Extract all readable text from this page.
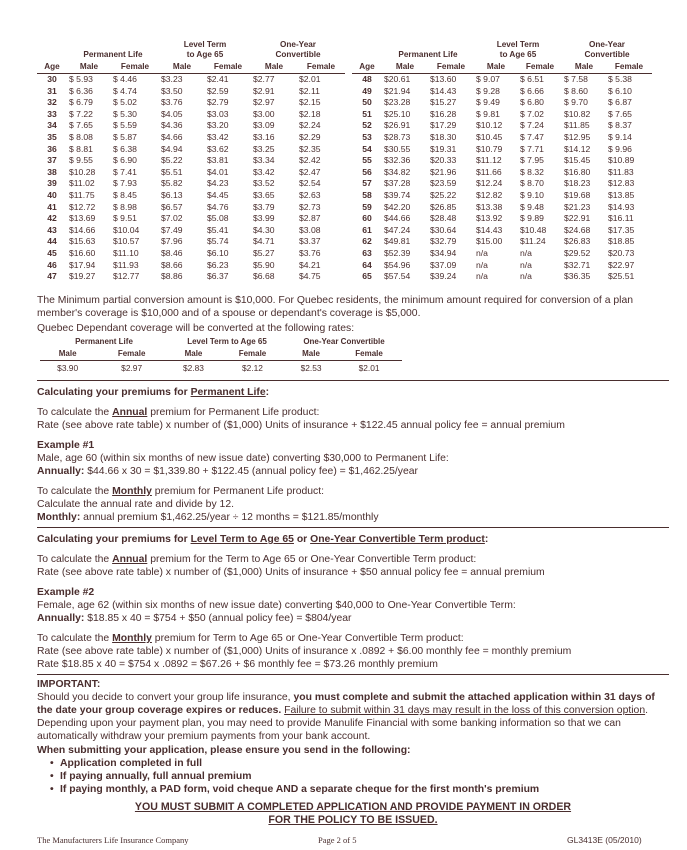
	Permanent Life		Level Term
to Age 65		One-Year
Convertible	
Age	Male	Female	Male	Female	Male	Female
30	$ 5.93	$ 4.46	$3.23	$2.41	$2.77	$2.01
31	$ 6.36	$ 4.74	$3.50	$2.59	$2.91	$2.11
32	$ 6.79	$ 5.02	$3.76	$2.79	$2.97	$2.15
33	$ 7.22	$ 5.30	$4.05	$3.03	$3.00	$2.18
34	$ 7.65	$ 5.59	$4.36	$3.20	$3.09	$2.24
35	$ 8.08	$ 5.87	$4.66	$3.42	$3.16	$2.29
36	$ 8.81	$ 6.38	$4.94	$3.62	$3.25	$2.35
37	$ 9.55	$ 6.90	$5.22	$3.81	$3.34	$2.42
38	$10.28	$ 7.41	$5.51	$4.01	$3.42	$2.47
39	$11.02	$ 7.93	$5.82	$4.23	$3.52	$2.54
40	$11.75	$ 8.45	$6.13	$4.45	$3.65	$2.63
41	$12.72	$ 8.98	$6.57	$4.76	$3.79	$2.73
42	$13.69	$ 9.51	$7.02	$5.08	$3.99	$2.87
43	$14.66	$10.04	$7.49	$5.41	$4.30	$3.08
44	$15.63	$10.57	$7.96	$5.74	$4.71	$3.37
45	$16.60	$11.10	$8.46	$6.10	$5.27	$3.76
46	$17.94	$11.93	$8.66	$6.23	$5.90	$4.21
47	$19.27	$12.77	$8.86	$6.37	$6.68	$4.75
	Permanent Life		Level Term
to Age 65		One-Year
Convertible	
Age	Male	Female	Male	Female	Male	Female
48	$20.61	$13.60	$ 9.07	$ 6.51	$ 7.58	$ 5.38
49	$21.94	$14.43	$ 9.28	$ 6.66	$ 8.60	$ 6.10
50	$23.28	$15.27	$ 9.49	$ 6.80	$ 9.70	$ 6.87
51	$25.10	$16.28	$ 9.81	$ 7.02	$10.82	$ 7.65
52	$26.91	$17.29	$10.12	$ 7.24	$11.85	$ 8.37
53	$28.73	$18.30	$10.45	$ 7.47	$12.95	$ 9.14
54	$30.55	$19.31	$10.79	$ 7.71	$14.12	$ 9.96
55	$32.36	$20.33	$11.12	$ 7.95	$15.45	$10.89
56	$34.82	$21.96	$11.66	$ 8.32	$16.80	$11.83
57	$37.28	$23.59	$12.24	$ 8.70	$18.23	$12.83
58	$39.74	$25.22	$12.82	$ 9.10	$19.68	$13.85
59	$42.20	$26.85	$13.38	$ 9.48	$21.23	$14.93
60	$44.66	$28.48	$13.92	$ 9.89	$22.91	$16.11
61	$47.24	$30.64	$14.43	$10.48	$24.68	$17.35
62	$49.81	$32.79	$15.00	$11.24	$26.83	$18.85
63	$52.39	$34.94	n/a	n/a	$29.52	$20.73
64	$54.96	$37.09	n/a	n/a	$32.71	$22.97
65	$57.54	$39.24	n/a	n/a	$36.35	$25.51
The Minimum partial conversion amount is $10,000. For Quebec residents, the minimum amount required for conversion of a plan member's coverage is $10,000 and of a spouse or dependant's coverage is $5,000.
Quebec Dependant coverage will be converted at the following rates:
Permanent Life		Level Term to Age 65		One-Year Convertible	
Male	Female	Male	Female	Male	Female
$3.90	$2.97	$2.83	$2.12	$2.53	$2.01
Calculating your premiums for Permanent Life:
To calculate the Annual premium for Permanent Life product:
Rate (see above rate table) x number of ($1,000) Units of insurance + $122.45 annual policy fee = annual premium
Example #1
Male, age 60 (within six months of new issue date) converting $30,000 to Permanent Life:
Annually: $44.66 x 30 = $1,339.80 + $122.45 (annual policy fee) = $1,462.25/year
To calculate the Monthly premium for Permanent Life product:
Calculate the annual rate and divide by 12.
Monthly: annual premium $1,462.25/year ÷ 12 months = $121.85/monthly
Calculating your premiums for Level Term to Age 65 or One-Year Convertible Term product:
To calculate the Annual premium for the Term to Age 65 or One-Year Convertible Term product:
Rate (see above rate table) x number of ($1,000) Units of insurance + $50 annual policy fee = annual premium
Example #2
Female, age 62 (within six months of new issue date) converting $40,000 to One-Year Convertible Term:
Annually: $18.85 x 40 = $754 + $50 (annual policy fee) = $804/year
To calculate the Monthly premium for Term to Age 65 or One-Year Convertible Term product:
Rate (see above rate table) x number of ($1,000) Units of insurance x .0892 + $6.00 monthly fee = monthly premium
Rate $18.85 x 40 = $754 x .0892 = $67.26 + $6 monthly fee = $73.26 monthly premium
IMPORTANT:
Should you decide to convert your group life insurance, you must complete and submit the attached application within 31 days of the date your group coverage expires or reduces. Failure to submit within 31 days may result in the loss of this conversion option. Depending upon your payment plan, you may need to provide Manulife Financial with some banking information so that we can automatically withdraw your premium payments from your bank account.
When submitting your application, please ensure you send in the following:
• Application completed in full
• If paying annually, full annual premium
• If paying monthly, a PAD form, void cheque AND a separate cheque for the first month's premium
YOU MUST SUBMIT A COMPLETED APPLICATION AND PROVIDE PAYMENT IN ORDER
FOR THE POLICY TO BE ISSUED.
The Manufacturers Life Insurance Company	Page 2 of 5	GL3413E (05/2010)
